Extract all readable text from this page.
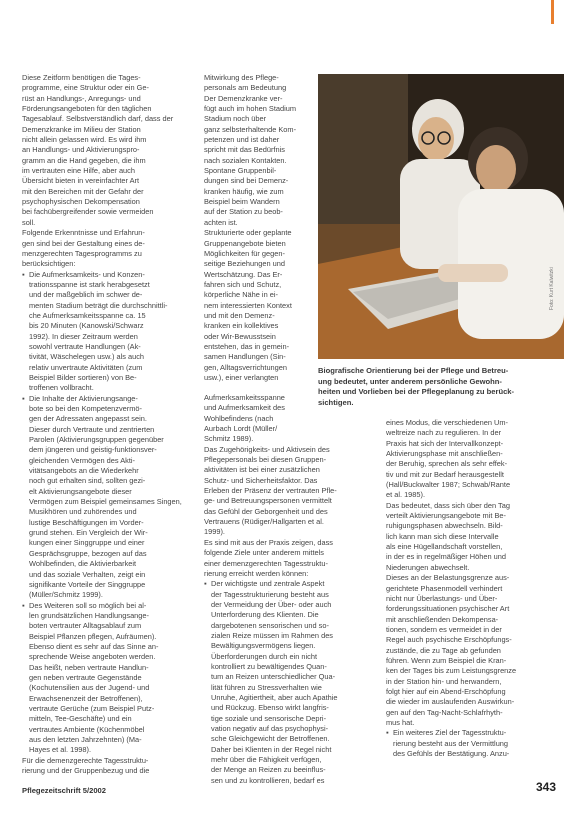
Diese Zeitform benötigen die Tages-

programme, eine Struktur oder ein Ge-

rüst an Handlungs-, Anregungs- und

Förderungsangeboten für den täglichen

Tagesablauf. Selbstverständlich darf, dass der

Demenzkranke im Milieu der Station

nicht allein gelassen wird. Es wird ihm

an Handlungs- und Aktivierungspro-

gramm an die Hand gegeben, die ihm

im vertrauten eine Hilfe, aber auch

Übersicht bieten in vereinfachter Art

mit den Bereichen mit der Gefahr der

psychophysischen Dekompensation

bei fachübergreifender sowie vermeiden

soll.

Folgende Erkenntnisse und Erfahrun-

gen sind bei der Gestaltung eines de-

menzgerechten Tagesprogramms zu

berücksichtigen:

▪ Die Aufmerksamkeits- und Konzen-

trationsspanne ist stark herabgesetzt

und der maßgeblich im schwer de-

menten Stadium beträgt die durchschnittli-

che Aufmerksamkeitsspanne ca. 15

bis 20 Minuten (Kanowski/Schwarz

1992). In dieser Zeitraum werden

sowohl vertraute Handlungen (Ak-

tivität, Wäschelegen usw.) als auch

relativ unvertraute Aktivitäten (zum

Beispiel Bilder sortieren) von Be-

troffenen vollbracht.

▪ Die Inhalte der Aktivierungsange-

bote so bei den Kompetenzvermö-

gen der Adressaten angepasst sein.

Dieser durch Vertraute und zentrierten

Parolen (Aktivierungsgruppen gegenüber

dem jüngeren und geistig-funktionsver-

gleichenden Vermögen des Akti-

vitätsangebots an die Wiederkehr

noch gut erhalten sind, sollten gezi-

elt Aktivierungsangebote dieser

Vermögen zum Beispiel gemeinsames Singen,

Musikhören und zuhörendes und

lustige Beschäftigungen im Vorder-

grund stehen. Ein Vergleich der Wir-

kungen einer Singgruppe und einer

Gesprächsgruppe, bezogen auf das

Wohlbefinden, die Aktivierbarkeit

und das soziale Verhalten, zeigt ein

signifikante Vorteile der Singgruppe

(Müller/Schmitz 1999).

▪ Des Weiteren soll so möglich bei al-

len grundsätzlichen Handlungsange-

boten vertrauter Alltagsablauf zum

Beispiel Pflanzen pflegen, Aufräumen).

Ebenso dient es sehr auf das Sinne an-

sprechende Weise angeboten werden.

Das heißt, neben vertraute Handlun-

gen neben vertraute Gegenstände

(Kochutensilien aus der Jugend- und

Erwachsenenzeit der Betroffenen),

vertraute Gerüche (zum Beispiel Putz-

mitteln, Tee-Geschäfte) und ein

vertrautes Ambiente (Küchenmöbel

aus den letzten Jahrzehnten) (Ma-

Hayes et al. 1998).

Für die demenzgerechte Tagesstruktu-

rierung und der Gruppenbezug und die

Mitwirkung des Pflege-

personals am Bedeutung

Der Demenzkranke ver-

fügt auch im hohen Stadium

Stadium noch über

ganz selbsterhaltende Kom-

petenzen und ist daher

spricht mit das Bedürfnis

nach sozialen Kontakten.

Spontane Gruppenbil-

dungen sind bei Demenz-

kranken häufig, wie zum

Beispiel beim Wandern

auf der Station zu beob-

achten ist.

Strukturierte oder geplante

Gruppenangebote bieten

Möglichkeiten für gegen-

seitige Beziehungen und

Wertschätzung. Das Er-

fahren sich und Schutz,

körperliche Nähe in ei-

nem interessierten Kontext

und mit den Demenz-

kranken ein kollektives

oder Wir-Bewusstsein

entstehen, das in gemein-

samen Handlungen (Sin-

gen, Alltagsverrichtungen

usw.), einer verlangten

Aufmerksamkeitsspanne

und Aufmerksamkeit des

Wohlbefindens (nach

Aurbach Lordt (Müller/

Schmitz 1989).

Das Zugehörigkeits- und Aktivsein des

Pflegepersonals bei diesen Gruppen-

aktivitäten ist bei einer zusätzlichen

Schutz- und Sicherheitsfaktor. Das

Erleben der Präsenz der vertrauten Pfle-

ge- und Betreuungspersonen vermittelt

das Gefühl der Geborgenheit und des

Vertrauens (Rüdiger/Hallgarten et al.

1999).

Es sind mit aus der Praxis zeigen, dass

folgende Ziele unter anderem mittels

einer demenzgerechten Tagesstruktu-

rierung erreicht werden können:

▪ Der wichtigste und zentrale Aspekt

der Tagesstrukturierung besteht aus

der Vermeidung der Über- oder auch

Unterforderung des Klienten. Die

dargebotenen sensorischen und so-

zialen Reize müssen im Rahmen des

Bewältigungsvermögens liegen.

Überforderungen durch ein nicht

kontrolliert zu bewältigendes Quan-

tum an Reizen unterschiedlicher Qua-

lität führen zu Stressverhalten wie

Unruhe, Agitiertheit, aber auch Apathie

und Rückzug. Ebenso wirkt langfris-

tige soziale und sensorische Depri-

vation negativ auf das psychophysi-

sche Gleichgewicht der Betroffenen.

Daher bei Klienten in der Regel nicht

mehr über die Fähigkeit verfügen,

der Menge an Reizen zu beeinflus-

sen und zu kontrollieren, bedarf es

eines Modus, die verschiedenen Um-

weltreize nach zu regulieren. In der

Praxis hat sich der Intervallkonzept-

Aktivierungsphase mit anschließen-

der Beruhig, sprechen als sehr effek-

tiv und mit zur Bedarf herausgestellt

(Hall/Buckwalter 1987; Schwab/Rante

et al. 1985).

Das bedeutet, dass sich über den Tag

verteilt Aktivierungsangebote mit Be-

ruhigungsphasen abwechseln. Bild-

lich kann man sich diese Intervalle

als eine Hügellandschaft vorstellen,

in der es in regelmäßiger Höhen und

Niederungen abwechselt.

Dieses an der Belastungsgrenze aus-

gerichtete Phasenmodell verhindert

nicht nur Überlastungs- und Über-

forderungssituationen psychischer Art

mit anschließenden Dekompensa-

tionen, sondern es vermeidet in der

Regel auch psychische Erschöpfungs-

zustände, die zu Tage ab gefunden

führen. Wenn zum Beispiel die Kran-

ken der Tages bis zum Leistungsgrenze

in der Station hin- und herwandern,

folgt hier auf ein Abend-Erschöpfung

die wieder im auslaufenden Auswirkun-

gen auf den Tag-Nacht-Schlafrhyth-

mus hat.

▪ Ein weiteres Ziel der Tagesstruktu-

rierung besteht aus der Vermittlung

des Gefühls der Bestätigung. Anzu-

Foto: Kurt Kalwitzki
Biografische Orientierung bei der Pflege und Betreu-
ung bedeutet, unter anderem persönliche Gewohn-
heiten und Vorlieben bei der Pflegeplanung zu berück-
sichtigen.
Pflegezeitschrift 5/2002	343
